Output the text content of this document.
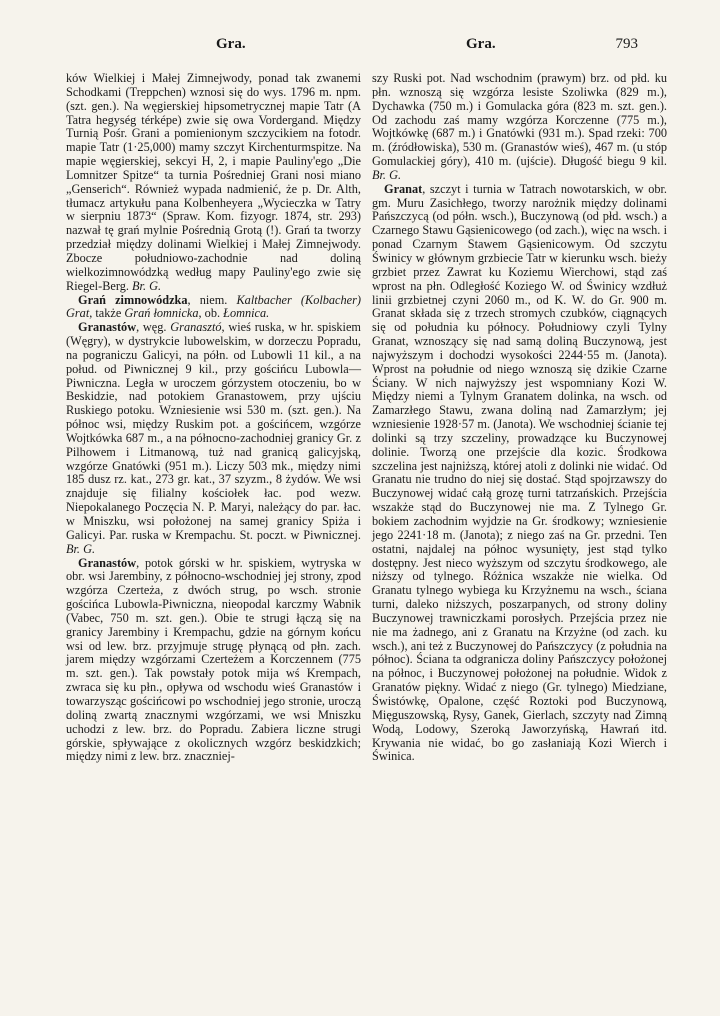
Gra.	Gra.	793

ków Wielkiej i Małej Zimnejwody, ponad tak zwanemi Schodkami (Treppchen) wznosi się do wys. 1796 m. npm. (szt. gen.). Na węgierskiej hipsometrycznej mapie Tatr (A Tatra hegység térképe) zwie się owa Vordergand. Między Turnią Pośr. Grani a pomienionym szczycikiem na fotodr. mapie Tatr (1·25,000) mamy szczyt Kirchenturmspitze. Na mapie węgierskiej, sekcyi H, 2, i mapie Pauliny'ego „Die Lomnitzer Spitze“ ta turnia Pośredniej Grani nosi miano „Genserich“. Również wypada nadmienić, że p. Dr. Alth, tłumacz artykułu pana Kolbenheyera „Wycieczka w Tatry w sierpniu 1873“ (Spraw. Kom. fizyogr. 1874, str. 293) nazwał tę grań mylnie Pośrednią Grotą (!). Grań ta tworzy przedział między dolinami Wielkiej i Małej Zimnejwody. Zbocze południowo-zachodnie nad doliną wielkozimnowódzką według mapy Pauliny'ego zwie się Riegel-Berg. Br. G.

Grań zimnowódzka, niem. Kaltbacher (Kolbacher) Grat, także Grań łomnicka, ob. Łomnica.

Granastów, węg. Granasztó, wieś ruska, w hr. spiskiem (Węgry), w dystrykcie lubowelskim, w dorzeczu Popradu, na pograniczu Galicyi, na półn. od Lubowli 11 kil., a na połud. od Piwnicznej 9 kil., przy gościńcu Lubowla—Piwniczna. Legła w uroczem górzystem otoczeniu, bo w Beskidzie, nad potokiem Granastowem, przy ujściu Ruskiego potoku. Wzniesienie wsi 530 m. (szt. gen.). Na północ wsi, między Ruskim pot. a gościńcem, wzgórze Wojtkówka 687 m., a na północno-zachodniej granicy Gr. z Pilhowem i Litmanową, tuż nad granicą galicyjską, wzgórze Gnatówki (951 m.). Liczy 503 mk., między nimi 185 dusz rz. kat., 273 gr. kat., 37 szyzm., 8 żydów. We wsi znajduje się filialny kościołek łac. pod wezw. Niepokalanego Poczęcia N. P. Maryi, należący do par. łac. w Mniszku, wsi położonej na samej granicy Spiża i Galicyi. Par. ruska w Krempachu. St. poczt. w Piwnicznej. Br. G.

Granastów, potok górski w hr. spiskiem, wytryska w obr. wsi Jarembiny, z północno-wschodniej jej strony, zpod wzgórza Czerteża, z dwóch strug, po wsch. stronie gościńca Lubowla-Piwniczna, nieopodal karczmy Wabnik (Vabec, 750 m. szt. gen.). Obie te strugi łączą się na granicy Jarembiny i Krempachu, gdzie na górnym końcu wsi od lew. brz. przyjmuje strugę płynącą od płn. zach. jarem między wzgórzami Czerteżem a Korczennem (775 m. szt. gen.). Tak powstały potok mija wś Krempach, zwraca się ku płn., opływa od wschodu wieś Granastów i towarzysząc gościńcowi po wschodniej jego stronie, uroczą doliną zwartą znacznymi wzgórzami, we wsi Mniszku uchodzi z lew. brz. do Popradu. Zabiera liczne strugi górskie, spływające z okolicznych wzgórz beskidzkich; między nimi z lew. brz. znaczniej-

szy Ruski pot. Nad wschodnim (prawym) brz. od płd. ku płn. wznoszą się wzgórza lesiste Szoliwka (829 m.), Dychawka (750 m.) i Gomulacka góra (823 m. szt. gen.). Od zachodu zaś mamy wzgórza Korczenne (775 m.), Wojtkówkę (687 m.) i Gnatówki (931 m.). Spad rzeki: 700 m. (źródłowiska), 530 m. (Granastów wieś), 467 m. (u stóp Gomulackiej góry), 410 m. (ujście). Długość biegu 9 kil. Br. G.

Granat, szczyt i turnia w Tatrach nowotarskich, w obr. gm. Muru Zasichłego, tworzy narożnik między dolinami Pańszczycą (od półn. wsch.), Buczynową (od płd. wsch.) a Czarnego Stawu Gąsienicowego (od zach.), więc na wsch. i ponad Czarnym Stawem Gąsienicowym. Od szczytu Świnicy w głównym grzbiecie Tatr w kierunku wsch. bieży grzbiet przez Zawrat ku Koziemu Wierchowi, stąd zaś wprost na płn. Odległość Koziego W. od Świnicy wzdłuż linii grzbietnej czyni 2060 m., od K. W. do Gr. 900 m. Granat składa się z trzech stromych czubków, ciągnących się od południa ku północy. Południowy czyli Tylny Granat, wznoszący się nad samą doliną Buczynową, jest najwyższym i dochodzi wysokości 2244·55 m. (Janota). Wprost na południe od niego wznoszą się dzikie Czarne Ściany. W nich najwyższy jest wspomniany Kozi W. Między niemi a Tylnym Granatem dolinka, na wsch. od Zamarzłego Stawu, zwana doliną nad Zamarzłym; jej wzniesienie 1928·57 m. (Janota). We wschodniej ścianie tej dolinki są trzy szczeliny, prowadzące ku Buczynowej dolinie. Tworzą one przejście dla kozic. Środkowa szczelina jest najniższą, której atoli z dolinki nie widać. Od Granatu nie trudno do niej się dostać. Stąd spojrzawszy do Buczynowej widać całą grozę turni tatrzańskich. Przejścia wszakże stąd do Buczynowej nie ma. Z Tylnego Gr. bokiem zachodnim wyjdzie na Gr. środkowy; wzniesienie jego 2241·18 m. (Janota); z niego zaś na Gr. przedni. Ten ostatni, najdalej na północ wysunięty, jest stąd tylko dostępny. Jest nieco wyższym od szczytu środkowego, ale niższy od tylnego. Różnica wszakże nie wielka. Od Granatu tylnego wybiega ku Krzyżnemu na wsch., ściana turni, daleko niższych, poszarpanych, od strony doliny Buczynowej trawniczkami porosłych. Przejścia przez nie nie ma żadnego, ani z Granatu na Krzyżne (od zach. ku wsch.), ani też z Buczynowej do Pańszczycy (z południa na północ). Ściana ta odgranicza doliny Pańszczycy położonej na północ, i Buczynowej położonej na południe. Widok z Granatów piękny. Widać z niego (Gr. tylnego) Miedziane, Świstówkę, Opalone, część Roztoki pod Buczynową, Mięguszowską, Rysy, Ganek, Gierlach, szczyty nad Zimną Wodą, Lodowy, Szeroką Jaworzyńską, Hawrań itd. Krywania nie widać, bo go zasłaniają Kozi Wierch i Świnica.
